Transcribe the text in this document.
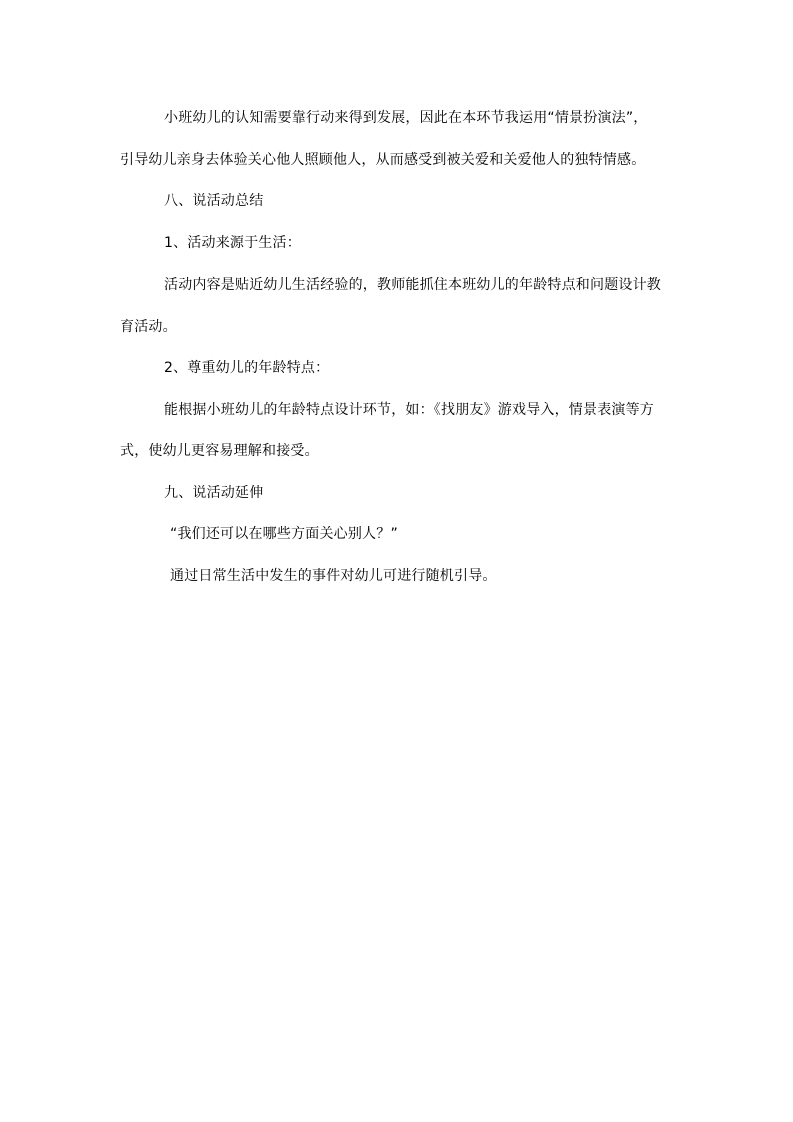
小班幼儿的认知需要靠行动来得到发展，因此在本环节我运用“情景扮演法”，
引导幼儿亲身去体验关心他人照顾他人，从而感受到被关爱和关爱他人的独特情感。
八、说活动总结
1、活动来源于生活：
活动内容是贴近幼儿生活经验的，教师能抓住本班幼儿的年龄特点和问题设计教
育活动。
2、尊重幼儿的年龄特点：
能根据小班幼儿的年龄特点设计环节，如：《找朋友》游戏导入，情景表演等方
式，使幼儿更容易理解和接受。
九、说活动延伸
“我们还可以在哪些方面关心别人？”
通过日常生活中发生的事件对幼儿可进行随机引导。
